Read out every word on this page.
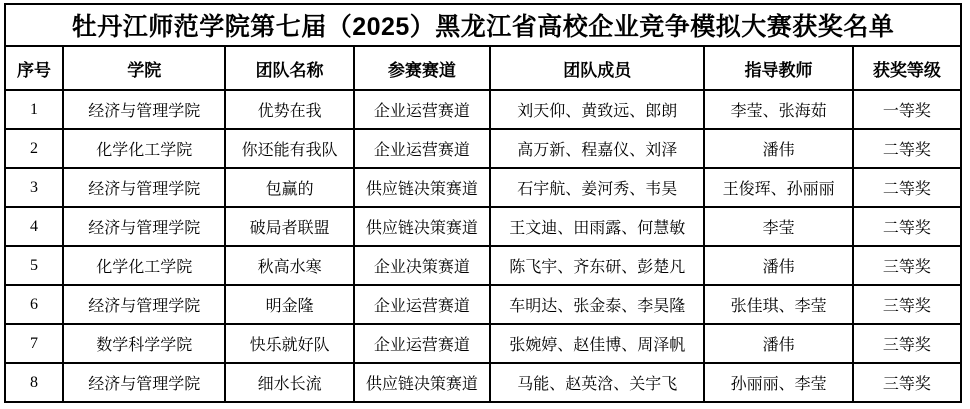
牡丹江师范学院第七届（2025）黑龙江省高校企业竞争模拟大赛获奖名单						
序号	学院	团队名称	参赛赛道	团队成员	指导教师	获奖等级
1	经济与管理学院	优势在我	企业运营赛道	刘天仰、黄致远、郎朗	李莹、张海茹	一等奖
2	化学化工学院	你还能有我队	企业运营赛道	高万新、程嘉仪、刘泽	潘伟	二等奖
3	经济与管理学院	包赢的	供应链决策赛道	石宇航、姜河秀、韦昊	王俊珲、孙丽丽	二等奖
4	经济与管理学院	破局者联盟	供应链决策赛道	王文迪、田雨露、何慧敏	李莹	二等奖
5	化学化工学院	秋高水寒	企业决策赛道	陈飞宇、齐东研、彭楚凡	潘伟	三等奖
6	经济与管理学院	明金隆	企业运营赛道	车明达、张金泰、李昊隆	张佳琪、李莹	三等奖
7	数学科学学院	快乐就好队	企业运营赛道	张婉婷、赵佳博、周泽帆	潘伟	三等奖
8	经济与管理学院	细水长流	供应链决策赛道	马能、赵英浛、关宇飞	孙丽丽、李莹	三等奖
